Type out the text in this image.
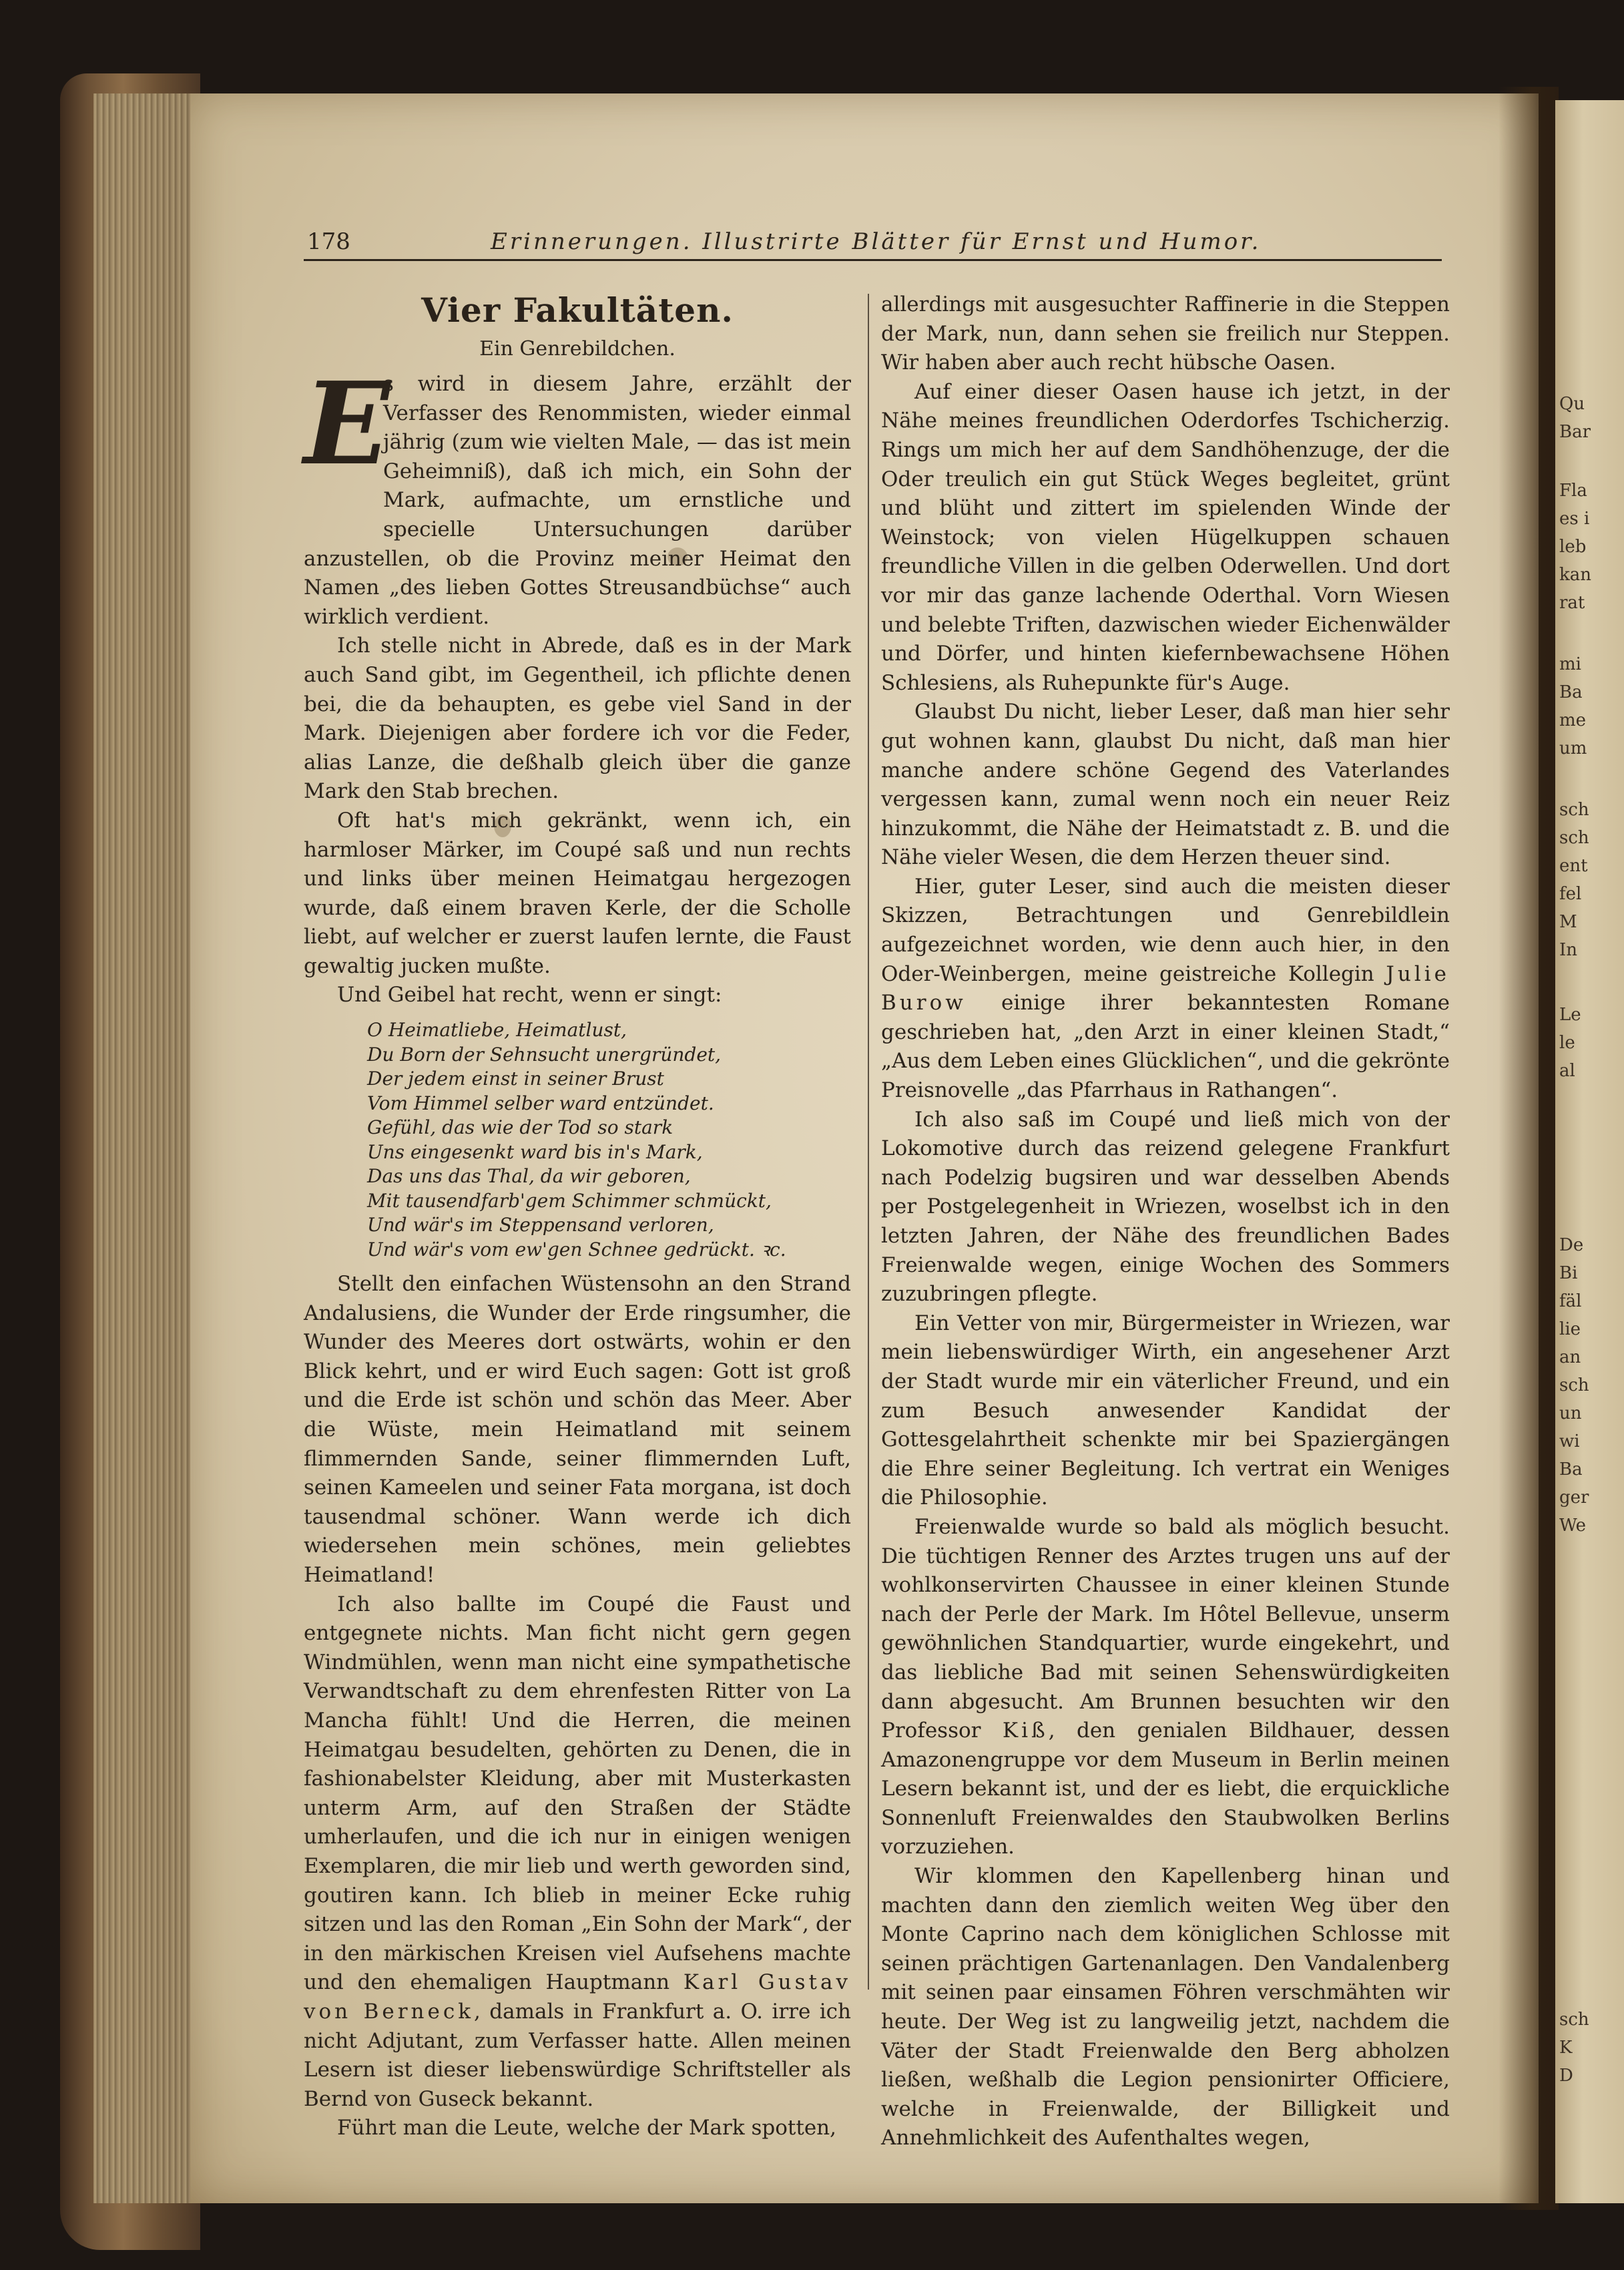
Qu
Bar
Fla
es i
leb
kan
rat
mi
Ba
me
um
sch
sch
ent
fel
M
In
Le
le
al
De
Bi
fäl
lie
an
sch
un
wi
Ba
ger
We
sch
K
D
178	Erinnerungen. Illustrirte Blätter für Ernst und Humor.
Vier Fakultäten.
Ein Genrebildchen.

E
s wird in diesem Jahre, erzählt der Verfasser des Renommisten, wieder einmal jährig (zum wie vielten Male, — das ist mein Geheimniß), daß ich mich, ein Sohn der Mark, aufmachte, um ernstliche und specielle Untersuchungen darüber anzustellen, ob die Provinz meiner Heimat den Namen „des lieben Gottes Streusandbüchse“ auch wirklich verdient.

Ich stelle nicht in Abrede, daß es in der Mark auch Sand gibt, im Gegentheil, ich pflichte denen bei, die da behaupten, es gebe viel Sand in der Mark. Diejenigen aber fordere ich vor die Feder, alias Lanze, die deßhalb gleich über die ganze Mark den Stab brechen.

Oft hat's mich gekränkt, wenn ich, ein harmloser Märker, im Coupé saß und nun rechts und links über meinen Heimatgau hergezogen wurde, daß einem braven Kerle, der die Scholle liebt, auf welcher er zuerst laufen lernte, die Faust gewaltig jucken mußte.

Und Geibel hat recht, wenn er singt:

O Heimatliebe, Heimatlust,
Du Born der Sehnsucht unergründet,
Der jedem einst in seiner Brust
Vom Himmel selber ward entzündet.
Gefühl, das wie der Tod so stark
Uns eingesenkt ward bis in's Mark,
Das uns das Thal, da wir geboren,
Mit tausendfarb'gem Schimmer schmückt,
Und wär's im Steppensand verloren,
Und wär's vom ew'gen Schnee gedrückt. ꝛc.

Stellt den einfachen Wüstensohn an den Strand Andalusiens, die Wunder der Erde ringsumher, die Wunder des Meeres dort ostwärts, wohin er den Blick kehrt, und er wird Euch sagen: Gott ist groß und die Erde ist schön und schön das Meer. Aber die Wüste, mein Heimatland mit seinem flimmernden Sande, seiner flimmernden Luft, seinen Kameelen und seiner Fata morgana, ist doch tausendmal schöner. Wann werde ich dich wiedersehen mein schönes, mein geliebtes Heimatland!

Ich also ballte im Coupé die Faust und entgegnete nichts. Man ficht nicht gern gegen Windmühlen, wenn man nicht eine sympathetische Verwandtschaft zu dem ehrenfesten Ritter von La Mancha fühlt! Und die Herren, die meinen Heimatgau besudelten, gehörten zu Denen, die in fashionabelster Kleidung, aber mit Musterkasten unterm Arm, auf den Straßen der Städte umherlaufen, und die ich nur in einigen wenigen Exemplaren, die mir lieb und werth geworden sind, goutiren kann. Ich blieb in meiner Ecke ruhig sitzen und las den Roman „Ein Sohn der Mark“, der in den märkischen Kreisen viel Aufsehens machte und den ehemaligen Hauptmann Karl Gustav von Berneck, damals in Frankfurt a. O. irre ich nicht Adjutant, zum Verfasser hatte. Allen meinen Lesern ist dieser liebenswürdige Schriftsteller als Bernd von Guseck bekannt.

Führt man die Leute, welche der Mark spotten,

allerdings mit ausgesuchter Raffinerie in die Steppen der Mark, nun, dann sehen sie freilich nur Steppen. Wir haben aber auch recht hübsche Oasen.

Auf einer dieser Oasen hause ich jetzt, in der Nähe meines freundlichen Oderdorfes Tschicherzig. Rings um mich her auf dem Sandhöhenzuge, der die Oder treulich ein gut Stück Weges begleitet, grünt und blüht und zittert im spielenden Winde der Weinstock; von vielen Hügelkuppen schauen freundliche Villen in die gelben Oderwellen. Und dort vor mir das ganze lachende Oderthal. Vorn Wiesen und belebte Triften, dazwischen wieder Eichenwälder und Dörfer, und hinten kiefernbewachsene Höhen Schlesiens, als Ruhepunkte für's Auge.

Glaubst Du nicht, lieber Leser, daß man hier sehr gut wohnen kann, glaubst Du nicht, daß man hier manche andere schöne Gegend des Vaterlandes vergessen kann, zumal wenn noch ein neuer Reiz hinzukommt, die Nähe der Heimatstadt z. B. und die Nähe vieler Wesen, die dem Herzen theuer sind.

Hier, guter Leser, sind auch die meisten dieser Skizzen, Betrachtungen und Genrebildlein aufgezeichnet worden, wie denn auch hier, in den Oder-Weinbergen, meine geistreiche Kollegin Julie Burow einige ihrer bekanntesten Romane geschrieben hat, „den Arzt in einer kleinen Stadt,“ „Aus dem Leben eines Glücklichen“, und die gekrönte Preisnovelle „das Pfarrhaus in Rathangen“.

Ich also saß im Coupé und ließ mich von der Lokomotive durch das reizend gelegene Frankfurt nach Podelzig bugsiren und war desselben Abends per Postgelegenheit in Wriezen, woselbst ich in den letzten Jahren, der Nähe des freundlichen Bades Freienwalde wegen, einige Wochen des Sommers zuzubringen pflegte.

Ein Vetter von mir, Bürgermeister in Wriezen, war mein liebenswürdiger Wirth, ein angesehener Arzt der Stadt wurde mir ein väterlicher Freund, und ein zum Besuch anwesender Kandidat der Gottesgelahrtheit schenkte mir bei Spaziergängen die Ehre seiner Begleitung. Ich vertrat ein Weniges die Philosophie.

Freienwalde wurde so bald als möglich besucht. Die tüchtigen Renner des Arztes trugen uns auf der wohlkonservirten Chaussee in einer kleinen Stunde nach der Perle der Mark. Im Hôtel Bellevue, unserm gewöhnlichen Standquartier, wurde eingekehrt, und das liebliche Bad mit seinen Sehenswürdigkeiten dann abgesucht. Am Brunnen besuchten wir den Professor Kiß, den genialen Bildhauer, dessen Amazonengruppe vor dem Museum in Berlin meinen Lesern bekannt ist, und der es liebt, die erquickliche Sonnenluft Freienwaldes den Staubwolken Berlins vorzuziehen.

Wir klommen den Kapellenberg hinan und machten dann den ziemlich weiten Weg über den Monte Caprino nach dem königlichen Schlosse mit seinen prächtigen Gartenanlagen. Den Vandalenberg mit seinen paar einsamen Föhren verschmähten wir heute. Der Weg ist zu langweilig jetzt, nachdem die Väter der Stadt Freienwalde den Berg abholzen ließen, weßhalb die Legion pensionirter Officiere, welche in Freienwalde, der Billigkeit und Annehmlichkeit des Aufenthaltes wegen,
